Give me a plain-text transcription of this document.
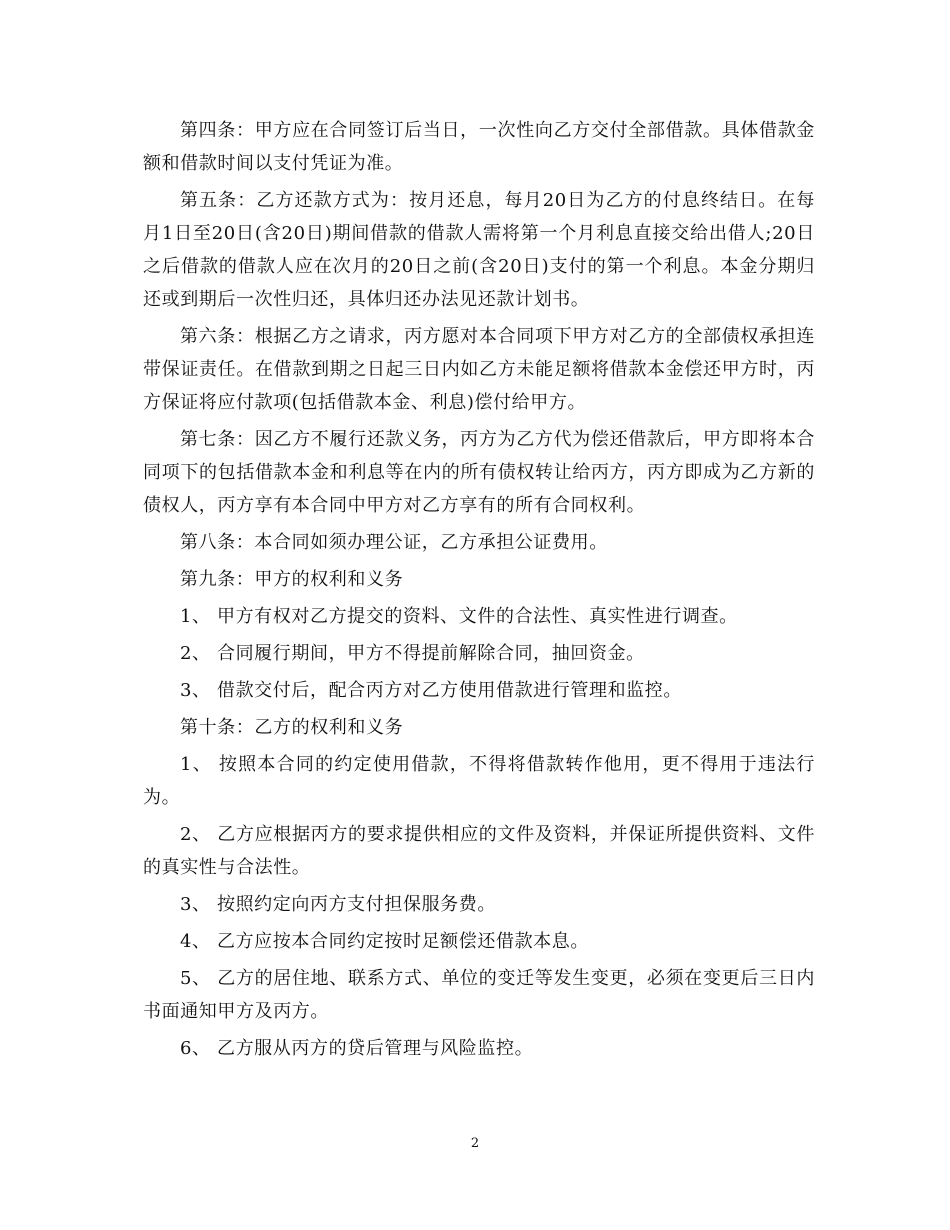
第四条：甲方应在合同签订后当日，一次性向乙方交付全部借款。具体借款金额和借款时间以支付凭证为准。

第五条：乙方还款方式为：按月还息，每月20日为乙方的付息终结日。在每月1日至20日(含20日)期间借款的借款人需将第一个月利息直接交给出借人;20日之后借款的借款人应在次月的20日之前(含20日)支付的第一个利息。本金分期归还或到期后一次性归还，具体归还办法见还款计划书。

第六条：根据乙方之请求，丙方愿对本合同项下甲方对乙方的全部债权承担连带保证责任。在借款到期之日起三日内如乙方未能足额将借款本金偿还甲方时，丙方保证将应付款项(包括借款本金、利息)偿付给甲方。

第七条：因乙方不履行还款义务，丙方为乙方代为偿还借款后，甲方即将本合同项下的包括借款本金和利息等在内的所有债权转让给丙方，丙方即成为乙方新的债权人，丙方享有本合同中甲方对乙方享有的所有合同权利。

第八条：本合同如须办理公证，乙方承担公证费用。

第九条：甲方的权利和义务

1、 甲方有权对乙方提交的资料、文件的合法性、真实性进行调查。

2、 合同履行期间，甲方不得提前解除合同，抽回资金。

3、 借款交付后，配合丙方对乙方使用借款进行管理和监控。

第十条：乙方的权利和义务

1、 按照本合同的约定使用借款，不得将借款转作他用，更不得用于违法行为。

2、 乙方应根据丙方的要求提供相应的文件及资料，并保证所提供资料、文件的真实性与合法性。

3、 按照约定向丙方支付担保服务费。

4、 乙方应按本合同约定按时足额偿还借款本息。

5、 乙方的居住地、联系方式、单位的变迁等发生变更，必须在变更后三日内书面通知甲方及丙方。

6、 乙方服从丙方的贷后管理与风险监控。

2
